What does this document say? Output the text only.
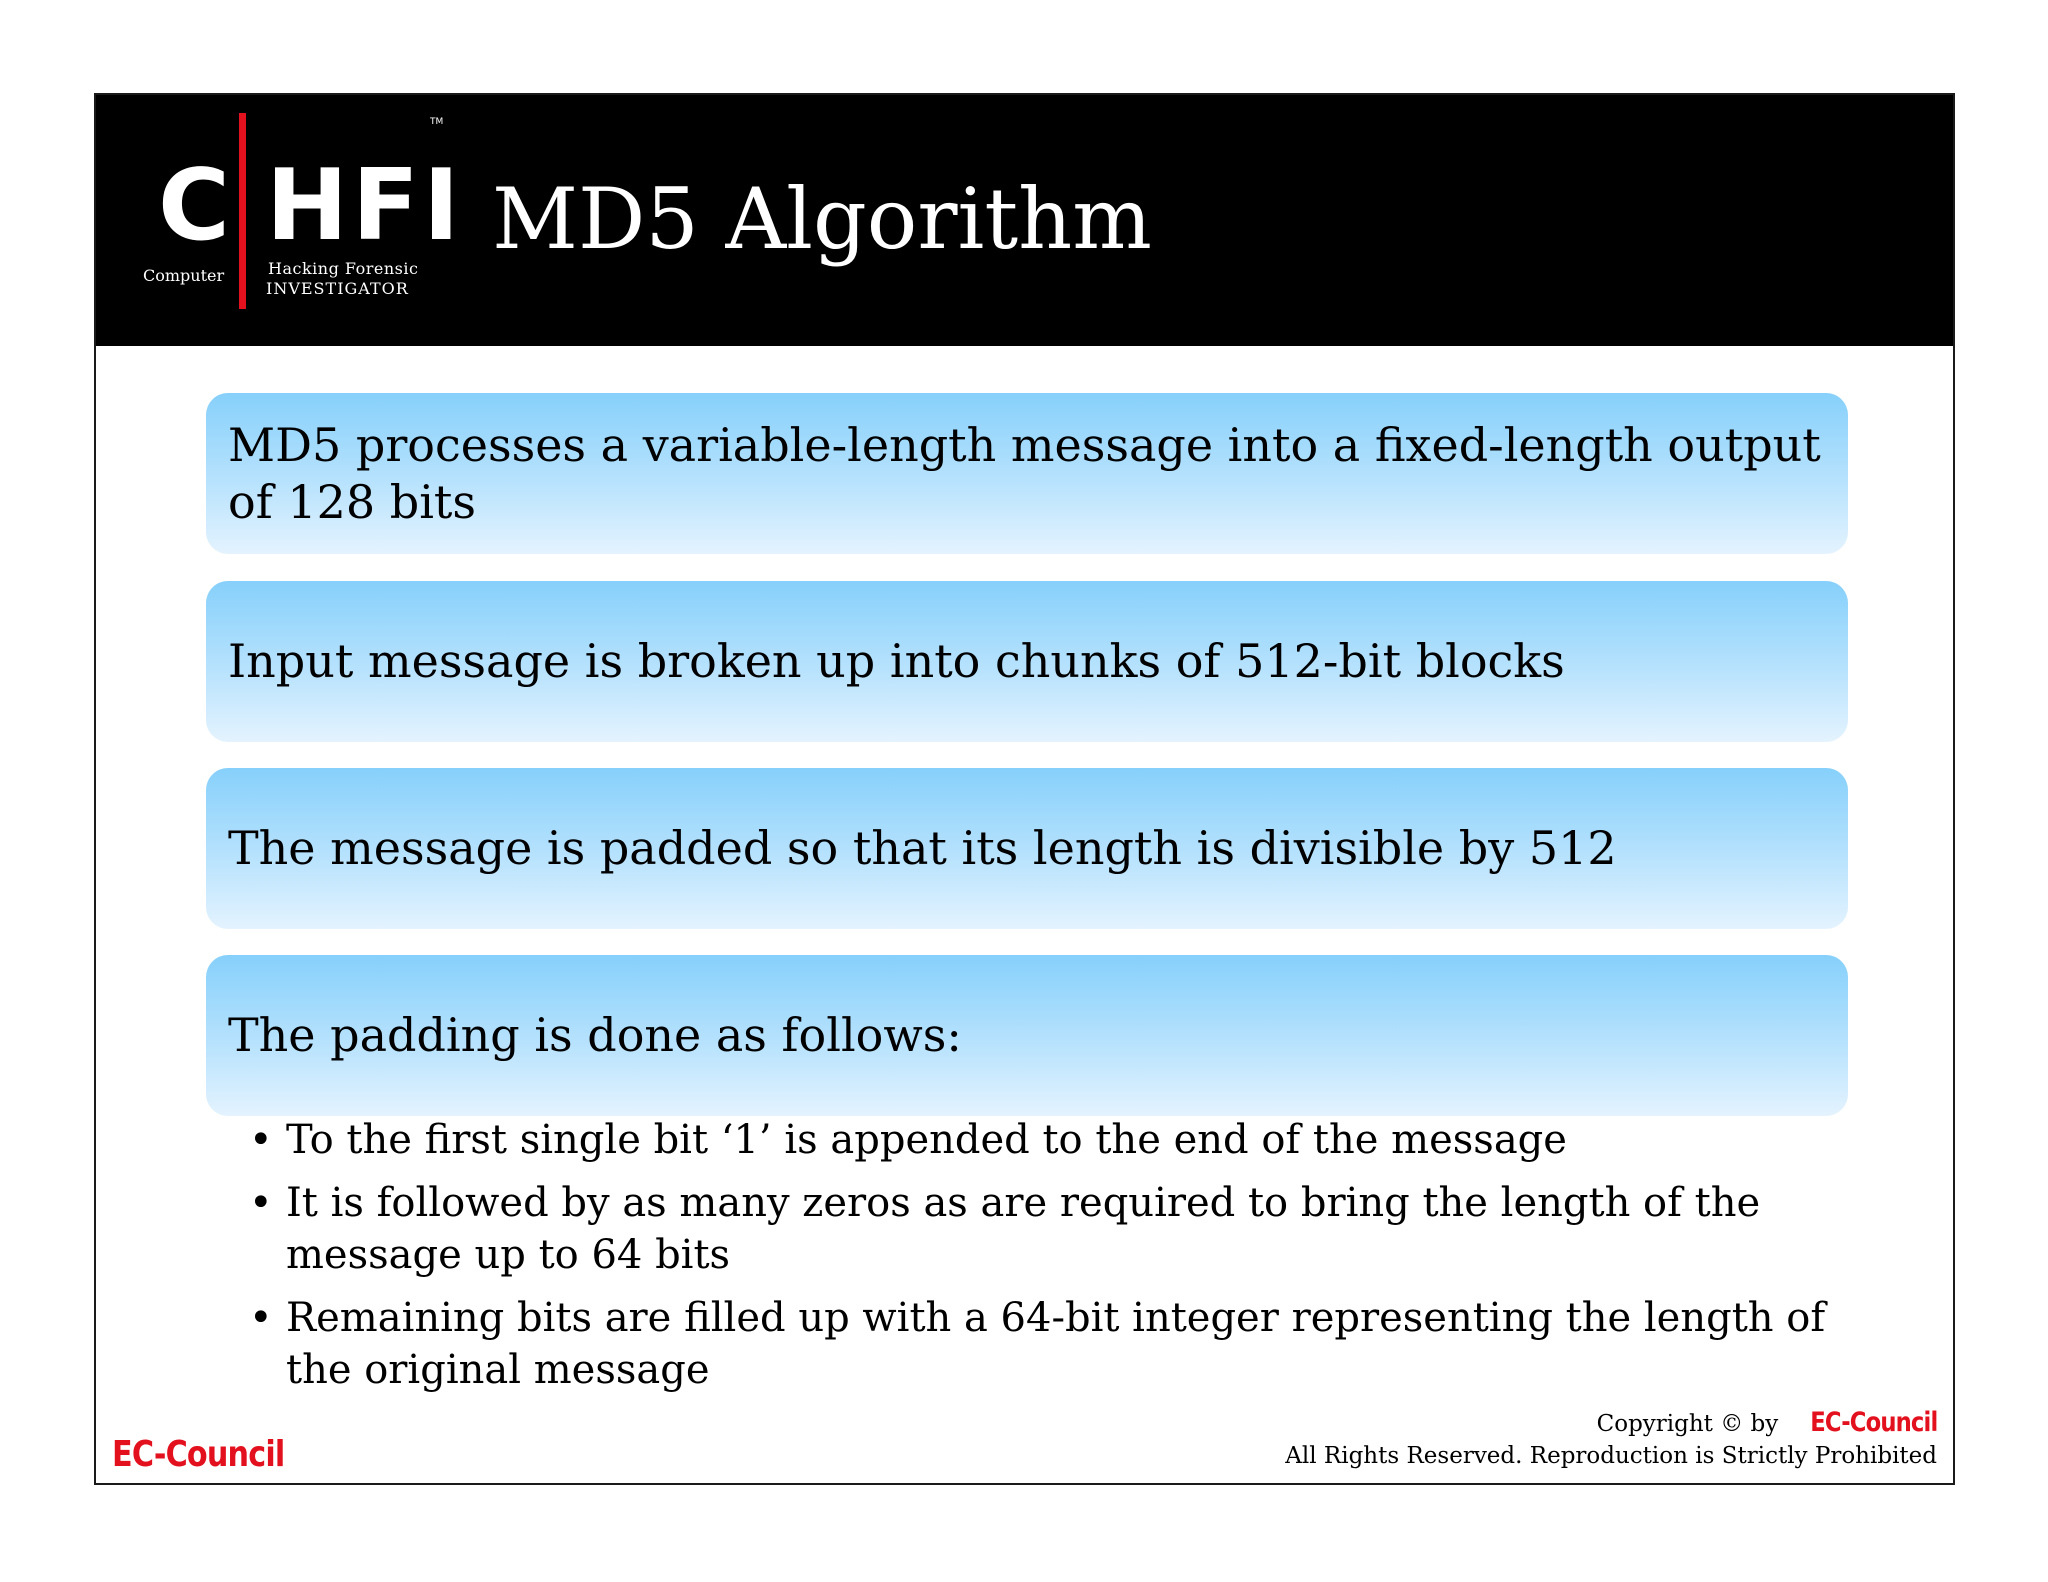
C HFI
TM
Computer	Hacking Forensic
INVESTIGATOR
MD5 Algorithm
MD5 processes a variable-length message into a fixed-length output of 128 bits
Input message is broken up into chunks of 512-bit blocks
The message is padded so that its length is divisible by 512
The padding is done as follows:
• To the first single bit ‘1’ is appended to the end of the message
• It is followed by as many zeros as are required to bring the length of the message up to 64 bits
• Remaining bits are filled up with a 64-bit integer representing the length of the original message
EC-Council
Copyright © by EC-Council
All Rights Reserved. Reproduction is Strictly Prohibited
